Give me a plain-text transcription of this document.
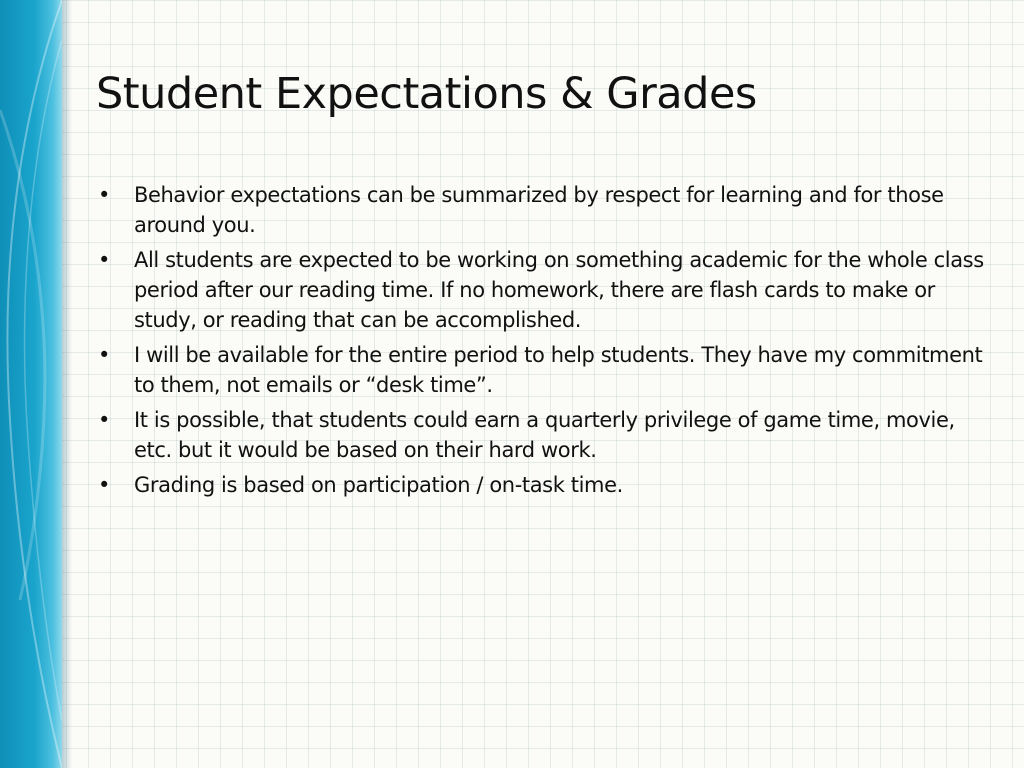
Student Expectations & Grades
•	Behavior expectations can be summarized by respect for learning and for those around you.
•	All students are expected to be working on something academic for the whole class period after our reading time. If no homework, there are flash cards to make or study, or reading that can be accomplished.
•	I will be available for the entire period to help students. They have my commitment to them, not emails or “desk time”.
•	It is possible, that students could earn a quarterly privilege of game time, movie, etc. but it would be based on their hard work.
•	Grading is based on participation / on-task time.
